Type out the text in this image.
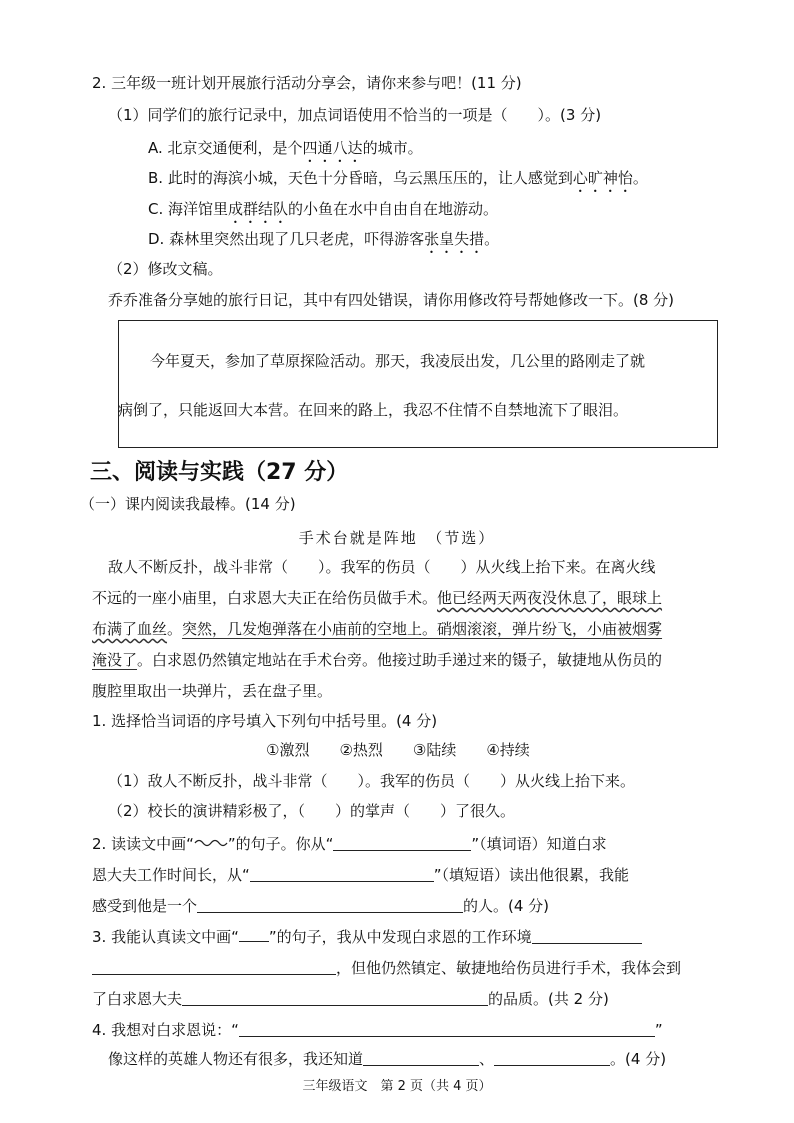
2. 三年级一班计划开展旅行活动分享会，请你来参与吧！(11 分)
（1）同学们的旅行记录中，加点词语使用不恰当的一项是（　　）。(3 分)
A. 北京交通便利，是个四通八达的城市。
B. 此时的海滨小城，天色十分昏暗，乌云黑压压的，让人感觉到心旷神怡。
C. 海洋馆里成群结队的小鱼在水中自由自在地游动。
D. 森林里突然出现了几只老虎，吓得游客张皇失措。
（2）修改文稿。
乔乔准备分享她的旅行日记，其中有四处错误，请你用修改符号帮她修改一下。(8 分)
今年夏天，参加了草原探险活动。那天，我凌辰出发，几公里的路刚走了就
病倒了，只能返回大本营。在回来的路上，我忍不住情不自禁地流下了眼泪。
三、阅读与实践（27 分）
（一）课内阅读我最棒。(14 分)
手术台就是阵地　（节选）
敌人不断反扑，战斗非常（　　）。我军的伤员（　　）从火线上抬下来。在离火线
不远的一座小庙里，白求恩大夫正在给伤员做手术。他已经两天两夜没休息了，眼球上
布满了血丝。突然，几发炮弹落在小庙前的空地上。硝烟滚滚，弹片纷飞，小庙被烟雾
淹没了。白求恩仍然镇定地站在手术台旁。他接过助手递过来的镊子，敏捷地从伤员的
腹腔里取出一块弹片，丢在盘子里。
1. 选择恰当词语的序号填入下列句中括号里。(4 分)
①激烈　　②热烈　　③陆续　　④持续
（1）敌人不断反扑，战斗非常（　　）。我军的伤员（　　）从火线上抬下来。
（2）校长的演讲精彩极了，（　　）的掌声（　　）了很久。
2. 读读文中画“ ”的句子。你从“	”（填词语）知道白求
恩大夫工作时间长，从“	”（填短语）读出他很累，我能
感受到他是一个	的人。(4 分)
3. 我能认真读文中画“ ”的句子，我从中发现白求恩的工作环境
，但他仍然镇定、敏捷地给伤员进行手术，我体会到
了白求恩大夫	的品质。(共 2 分)
4. 我想对白求恩说：“	”
像这样的英雄人物还有很多，我还知道	、	。(4 分)
三年级语文　第 2 页（共 4 页）
